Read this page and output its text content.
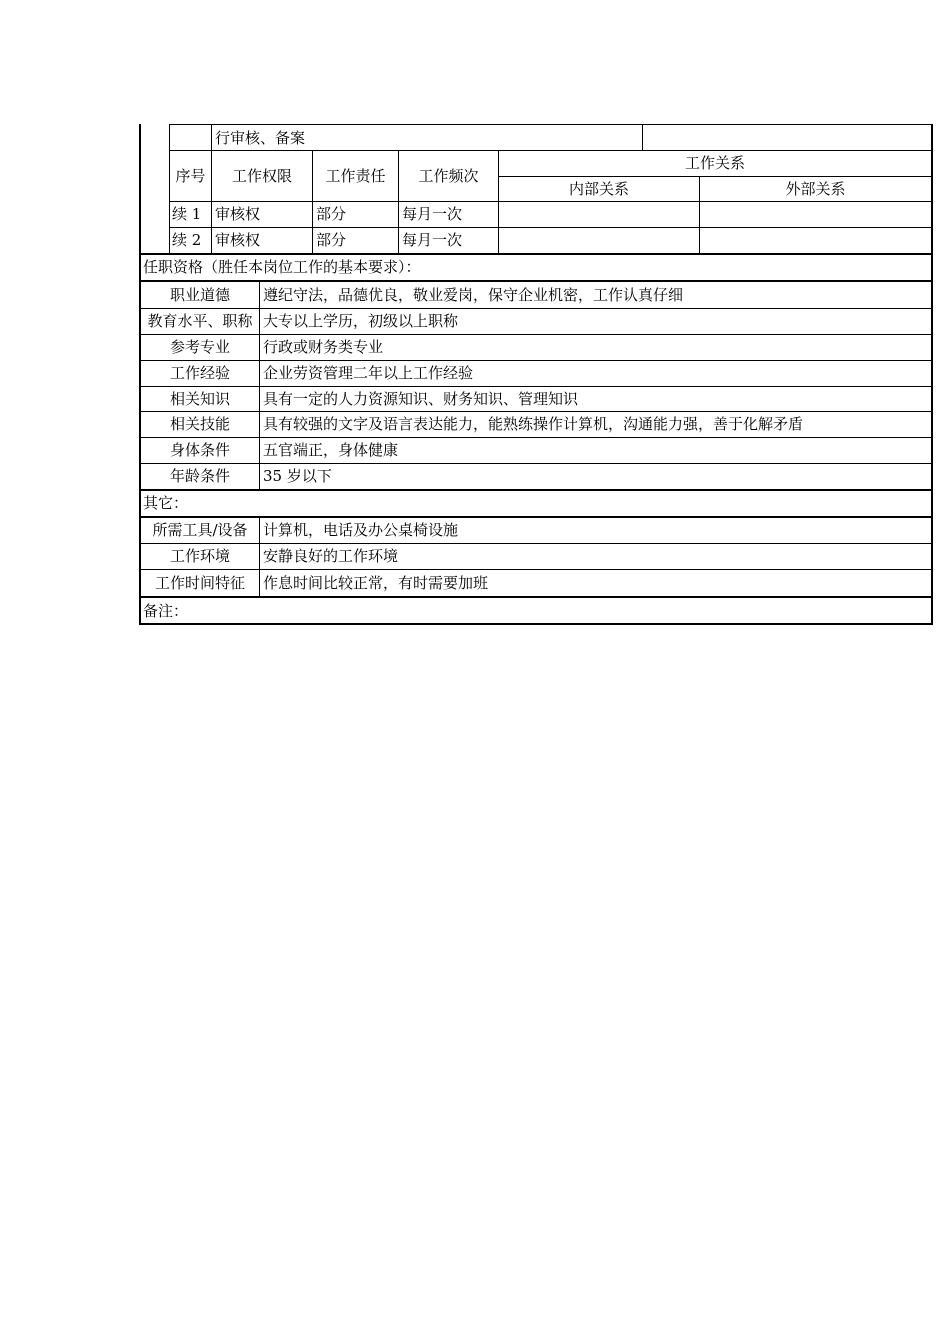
行审核、备案
序号	工作权限	工作责任	工作频次
工作关系
内部关系	外部关系
续 1 审核权	部分	每月一次
续 2 审核权	部分	每月一次
任职资格（胜任本岗位工作的基本要求）：
职业道德	遵纪守法，品德优良，敬业爱岗，保守企业机密，工作认真仔细
教育水平、职称 大专以上学历，初级以上职称
参考专业	行政或财务类专业
工作经验	企业劳资管理二年以上工作经验
相关知识	具有一定的人力资源知识、财务知识、管理知识
相关技能	具有较强的文字及语言表达能力，能熟练操作计算机，沟通能力强，善于化解矛盾
身体条件	五官端正，身体健康
年龄条件	35 岁以下
其它：
所需工具/设备	计算机，电话及办公桌椅设施
工作环境	安静良好的工作环境
工作时间特征	作息时间比较正常，有时需要加班
备注：
